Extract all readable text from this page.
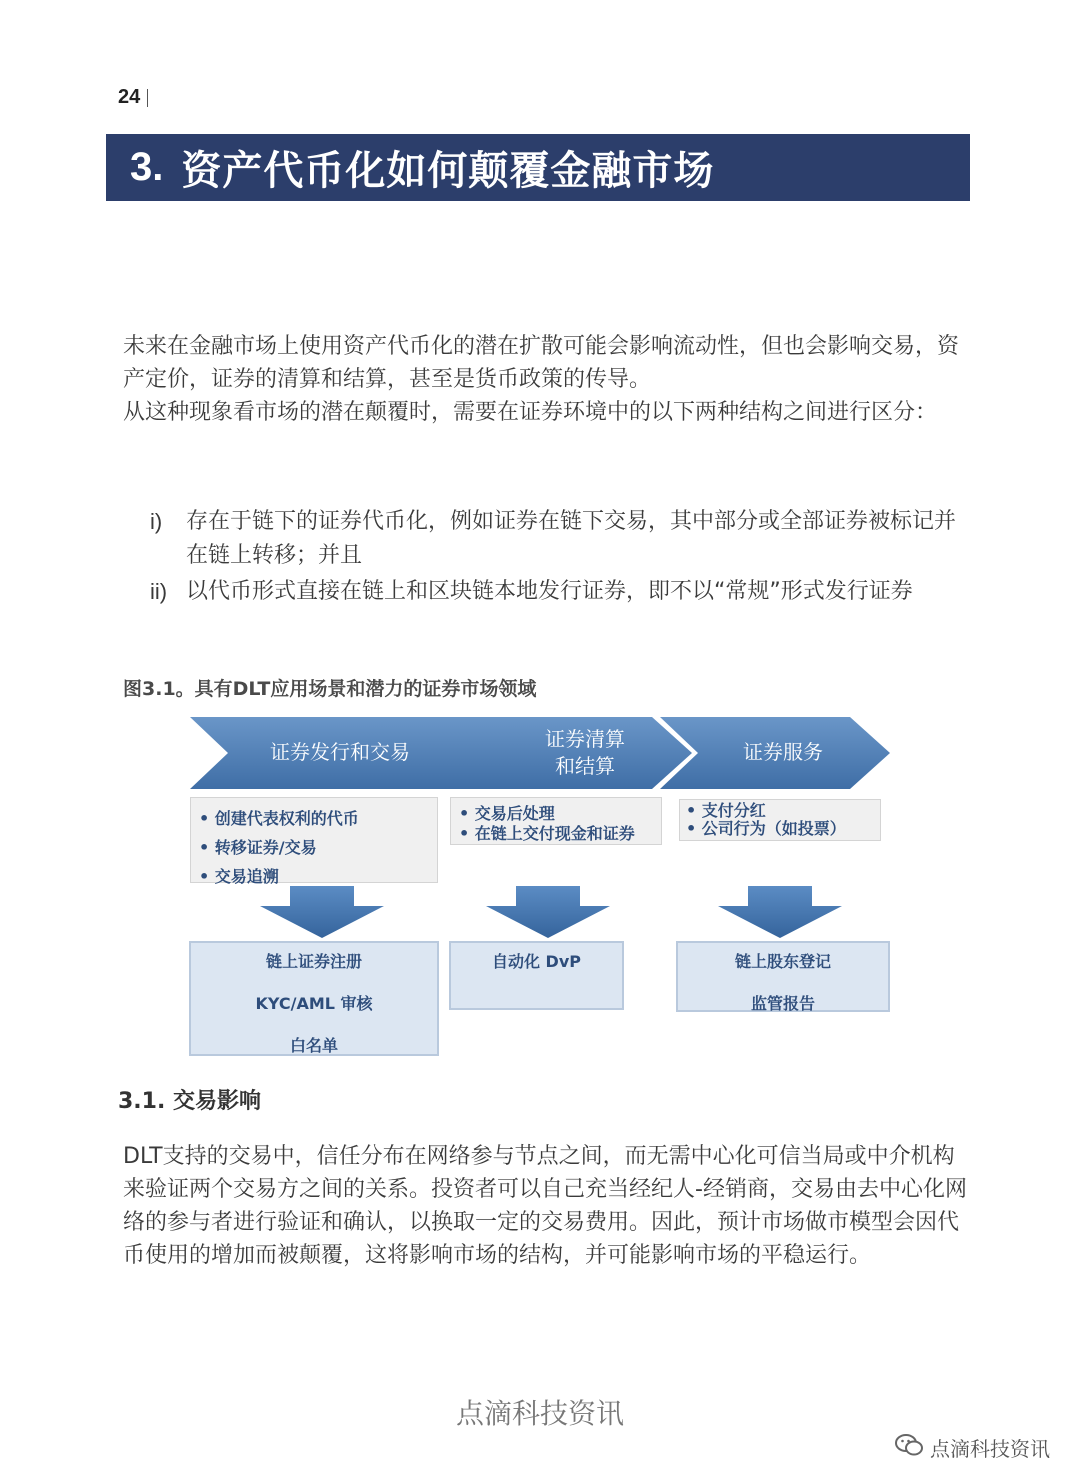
24
3. 资产代币化如何颠覆金融市场

未来在金融市场上使用资产代币化的潜在扩散可能会影响流动性，但也会影响交易，资产定价，证券的清算和结算，甚至是货币政策的传导。

从这种现象看市场的潜在颠覆时，需要在证券环境中的以下两种结构之间进行区分：

i)	存在于链下的证券代币化，例如证券在链下交易，其中部分或全部证券被标记并在链上转移；并且
ii) 以代币形式直接在链上和区块链本地发行证券，即不以“常规”形式发行证券
图3.1。具有DLT应用场景和潜力的证券市场领域
证券发行和交易
证券清算
和结算
证券服务
• 创建代表权利的代币
• 转移证券/交易
• 交易追溯
• 交易后处理
• 在链上交付现金和证券
• 支付分红
• 公司行为（如投票）
链上证券注册
KYC/AML 审核
白名单
自动化 DvP	链上股东登记
监管报告
3.1. 交易影响

DLT支持的交易中，信任分布在网络参与节点之间，而无需中心化可信当局或中介机构来验证两个交易方之间的关系。投资者可以自己充当经纪人-经销商，交易由去中心化网络的参与者进行验证和确认，以换取一定的交易费用。因此，预计市场做市模型会因代币使用的增加而被颠覆，这将影响市场的结构，并可能影响市场的平稳运行。

点滴科技资讯
点滴科技资讯
